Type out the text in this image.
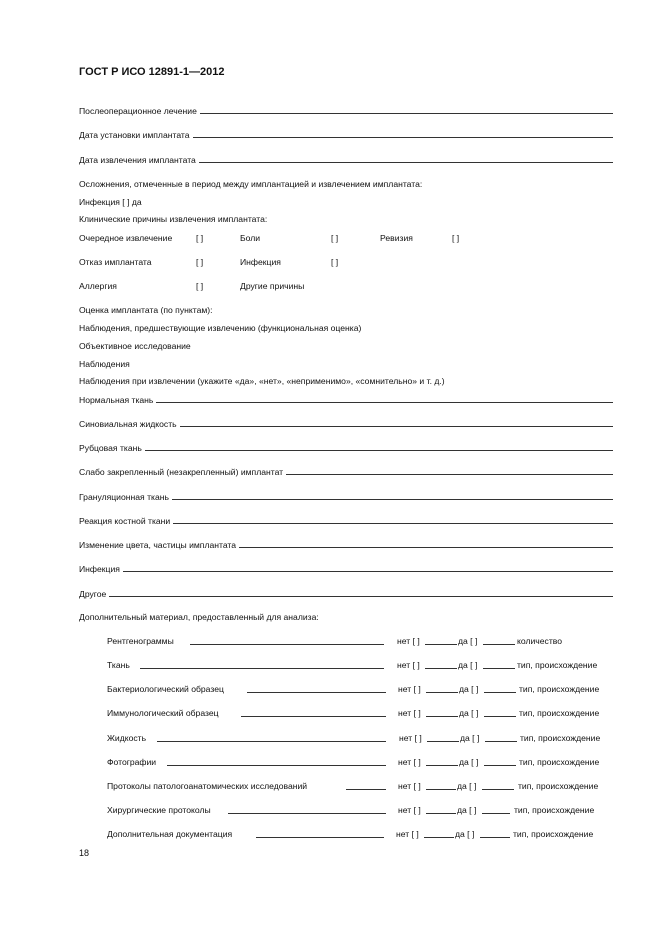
ГОСТ Р ИСО 12891-1—2012
Послеоперационное лечение
Дата установки имплантата
Дата извлечения имплантата
Осложнения, отмеченные в период между имплантацией и извлечением имплантата:
Инфекция [ ] да
Клинические причины извлечения имплантата:
Очередное извлечение	[ ]	Боли	[ ]	Ревизия	[ ]
Отказ имплантата	[ ]	Инфекция	[ ]
Аллергия	[ ]	Другие причины
Оценка имплантата (по пунктам):
Наблюдения, предшествующие извлечению (функциональная оценка)
Объективное исследование
Наблюдения
Наблюдения при извлечении (укажите «да», «нет», «неприменимо», «сомнительно» и т. д.)
Нормальная ткань
Синовиальная жидкость
Рубцовая ткань
Слабо закрепленный (незакрепленный) имплантат
Грануляционная ткань
Реакция костной ткани
Изменение цвета, частицы имплантата
Инфекция
Другое
Дополнительный материал, предоставленный для анализа:
Рентгенограммы	нет [ ]	да [ ]	количество
Ткань	нет [ ]	да [ ]	тип, происхождение
Бактериологический образец	нет [ ]	да [ ]	тип, происхождение
Иммунологический образец	нет [ ]	да [ ]	тип, происхождение
Жидкость	нет [ ]	да [ ]	тип, происхождение
Фотографии	нет [ ]	да [ ]	тип, происхождение
Протоколы патологоанатомических исследований	нет [ ]	да [ ]	тип, происхождение
Хирургические протоколы	нет [ ]	да [ ]	тип, происхождение
Дополнительная документация	нет [ ]	да [ ]	тип, происхождение
18
